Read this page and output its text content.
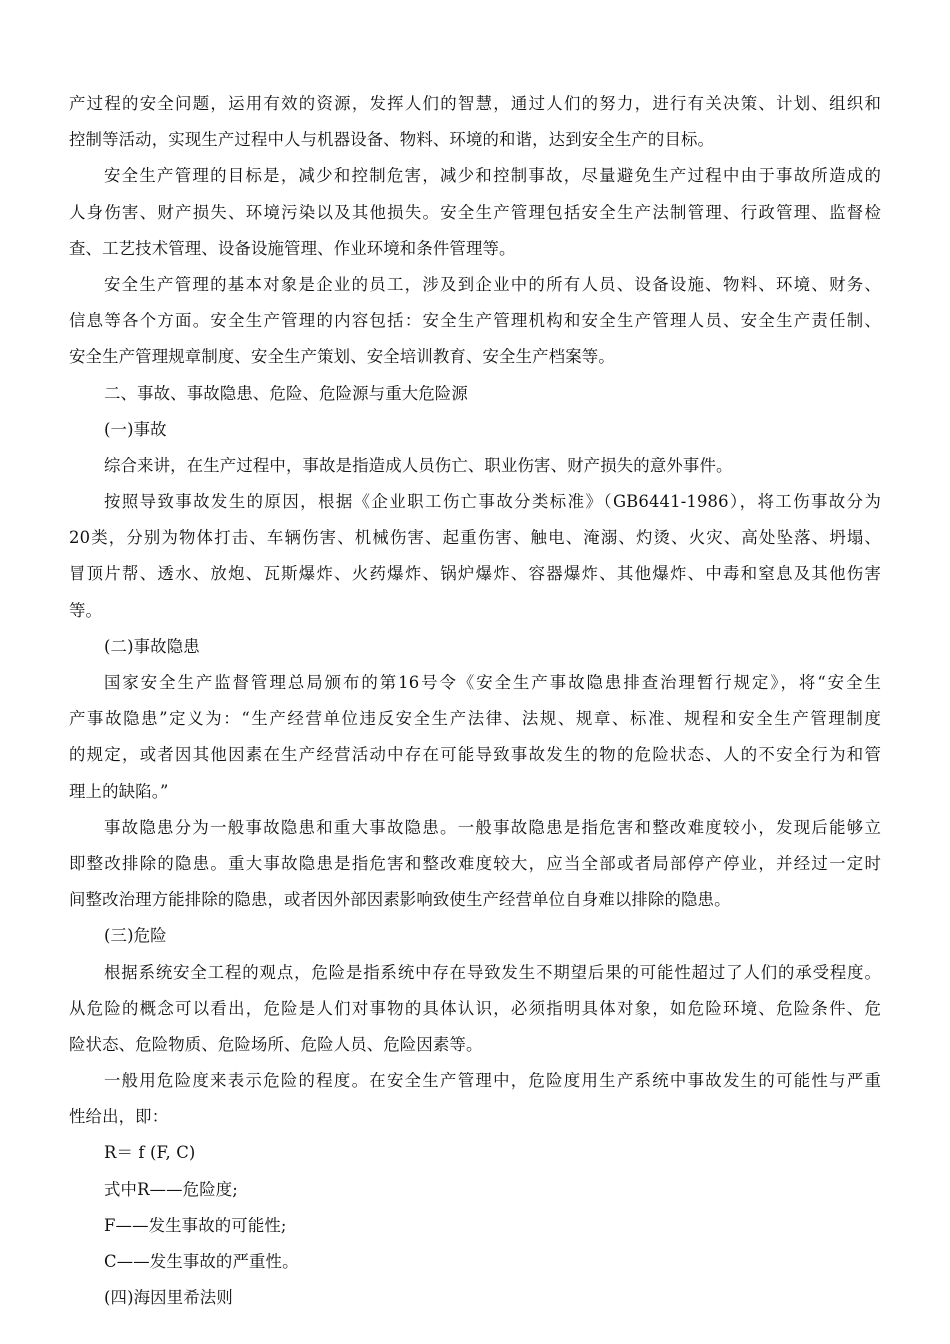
产过程的安全问题，运用有效的资源，发挥人们的智慧，通过人们的努力，进行有关决策、计划、组织和
控制等活动，实现生产过程中人与机器设备、物料、环境的和谐，达到安全生产的目标。
安全生产管理的目标是，减少和控制危害，减少和控制事故，尽量避免生产过程中由于事故所造成的
人身伤害、财产损失、环境污染以及其他损失。安全生产管理包括安全生产法制管理、行政管理、监督检
查、工艺技术管理、设备设施管理、作业环境和条件管理等。
安全生产管理的基本对象是企业的员工，涉及到企业中的所有人员、设备设施、物料、环境、财务、
信息等各个方面。安全生产管理的内容包括：安全生产管理机构和安全生产管理人员、安全生产责任制、
安全生产管理规章制度、安全生产策划、安全培训教育、安全生产档案等。
二、事故、事故隐患、危险、危险源与重大危险源
(一)事故
综合来讲，在生产过程中，事故是指造成人员伤亡、职业伤害、财产损失的意外事件。
按照导致事故发生的原因，根据《企业职工伤亡事故分类标准》（GB6441-1986），将工伤事故分为
20类，分别为物体打击、车辆伤害、机械伤害、起重伤害、触电、淹溺、灼烫、火灾、高处坠落、坍塌、
冒顶片帮、透水、放炮、瓦斯爆炸、火药爆炸、锅炉爆炸、容器爆炸、其他爆炸、中毒和窒息及其他伤害
等。
(二)事故隐患
国家安全生产监督管理总局颁布的第16号令《安全生产事故隐患排查治理暂行规定》，将“安全生
产事故隐患”定义为：“生产经营单位违反安全生产法律、法规、规章、标准、规程和安全生产管理制度
的规定，或者因其他因素在生产经营活动中存在可能导致事故发生的物的危险状态、人的不安全行为和管
理上的缺陷。”
事故隐患分为一般事故隐患和重大事故隐患。一般事故隐患是指危害和整改难度较小，发现后能够立
即整改排除的隐患。重大事故隐患是指危害和整改难度较大，应当全部或者局部停产停业，并经过一定时
间整改治理方能排除的隐患，或者因外部因素影响致使生产经营单位自身难以排除的隐患。
(三)危险
根据系统安全工程的观点，危险是指系统中存在导致发生不期望后果的可能性超过了人们的承受程度。
从危险的概念可以看出，危险是人们对事物的具体认识，必须指明具体对象，如危险环境、危险条件、危
险状态、危险物质、危险场所、危险人员、危险因素等。
一般用危险度来表示危险的程度。在安全生产管理中，危险度用生产系统中事故发生的可能性与严重
性给出，即：
R＝ f (F, C)
式中R——危险度;
F——发生事故的可能性;
C——发生事故的严重性。
(四)海因里希法则
